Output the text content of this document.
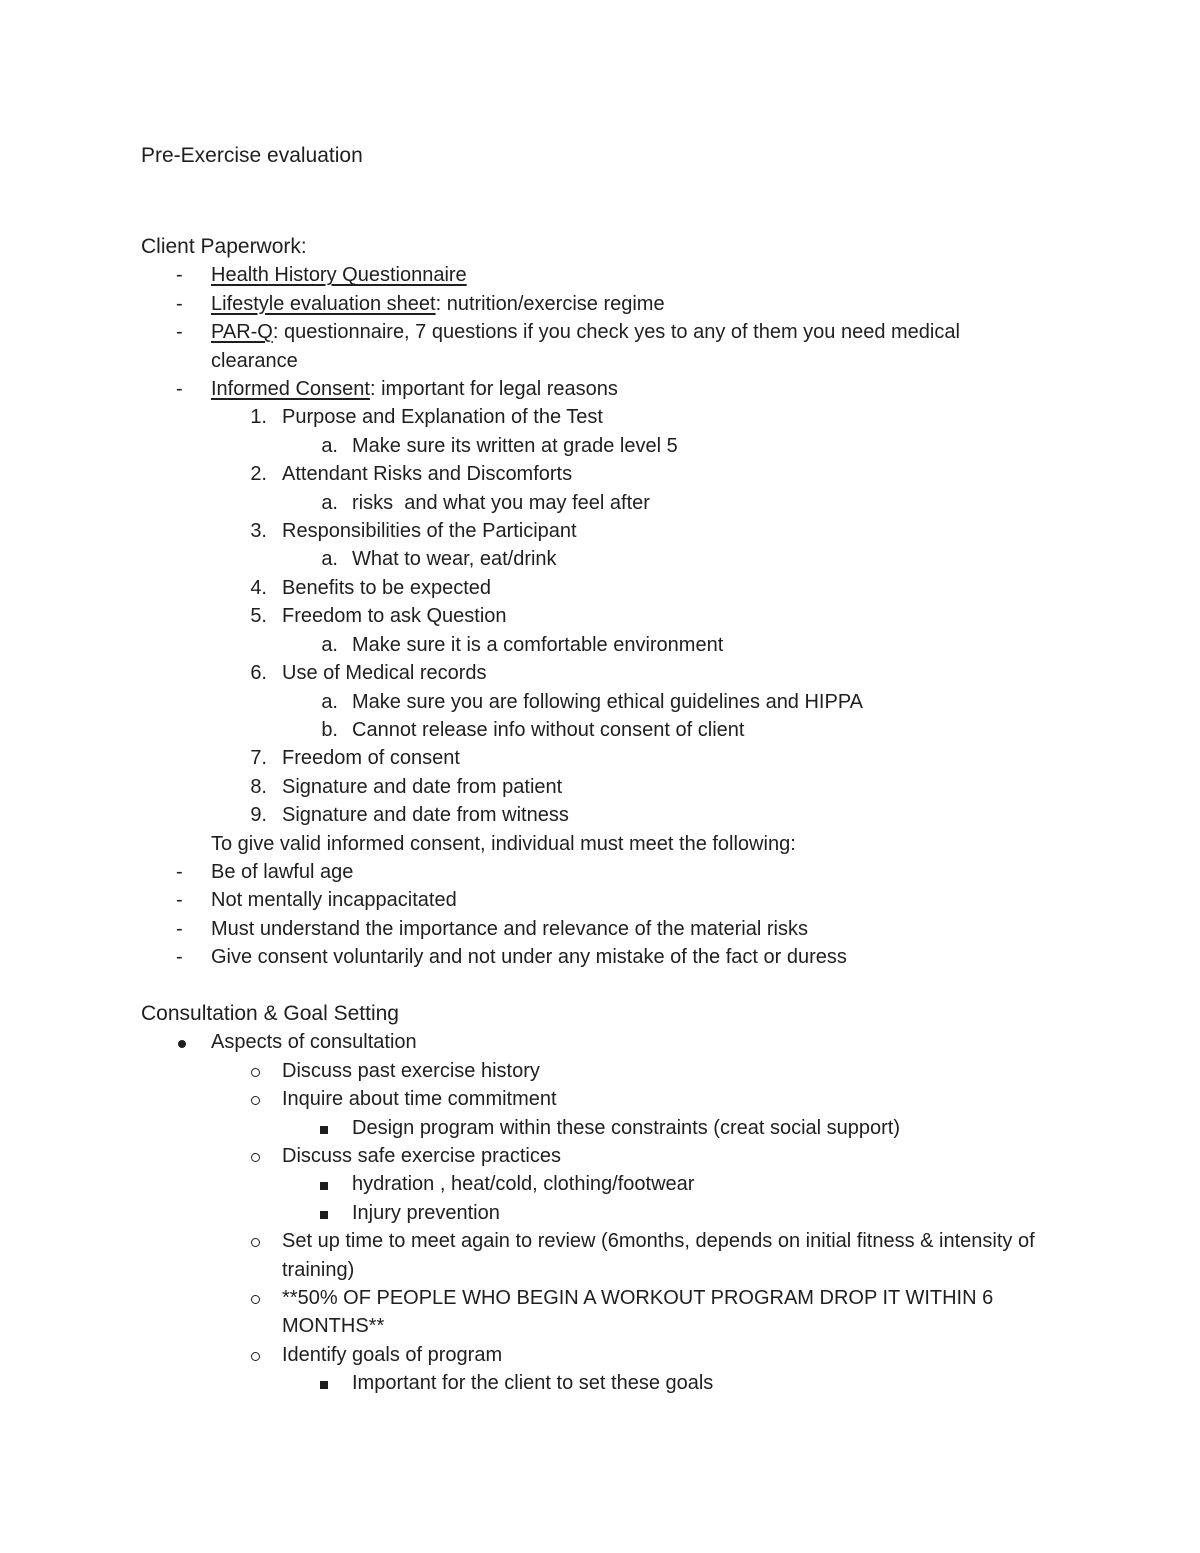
Pre-Exercise evaluation
Client Paperwork:
- Health History Questionnaire
- Lifestyle evaluation sheet: nutrition/exercise regime
- PAR-Q: questionnaire, 7 questions if you check yes to any of them you need medical clearance
- Informed Consent: important for legal reasons
1. Purpose and Explanation of the Test
a. Make sure its written at grade level 5
2. Attendant Risks and Discomforts
a. risks  and what you may feel after
3. Responsibilities of the Participant
a. What to wear, eat/drink
4. Benefits to be expected
5. Freedom to ask Question
a. Make sure it is a comfortable environment
6. Use of Medical records
a. Make sure you are following ethical guidelines and HIPPA
b. Cannot release info without consent of client
7. Freedom of consent
8. Signature and date from patient
9. Signature and date from witness
To give valid informed consent, individual must meet the following:
- Be of lawful age
- Not mentally incappacitated
- Must understand the importance and relevance of the material risks
- Give consent voluntarily and not under any mistake of the fact or duress
Consultation & Goal Setting
Aspects of consultation
Discuss past exercise history
Inquire about time commitment
Design program within these constraints (creat social support)
Discuss safe exercise practices
hydration , heat/cold, clothing/footwear
Injury prevention
Set up time to meet again to review (6months, depends on initial fitness & intensity of training)
**50% OF PEOPLE WHO BEGIN A WORKOUT PROGRAM DROP IT WITHIN 6 MONTHS**
Identify goals of program
Important for the client to set these goals
